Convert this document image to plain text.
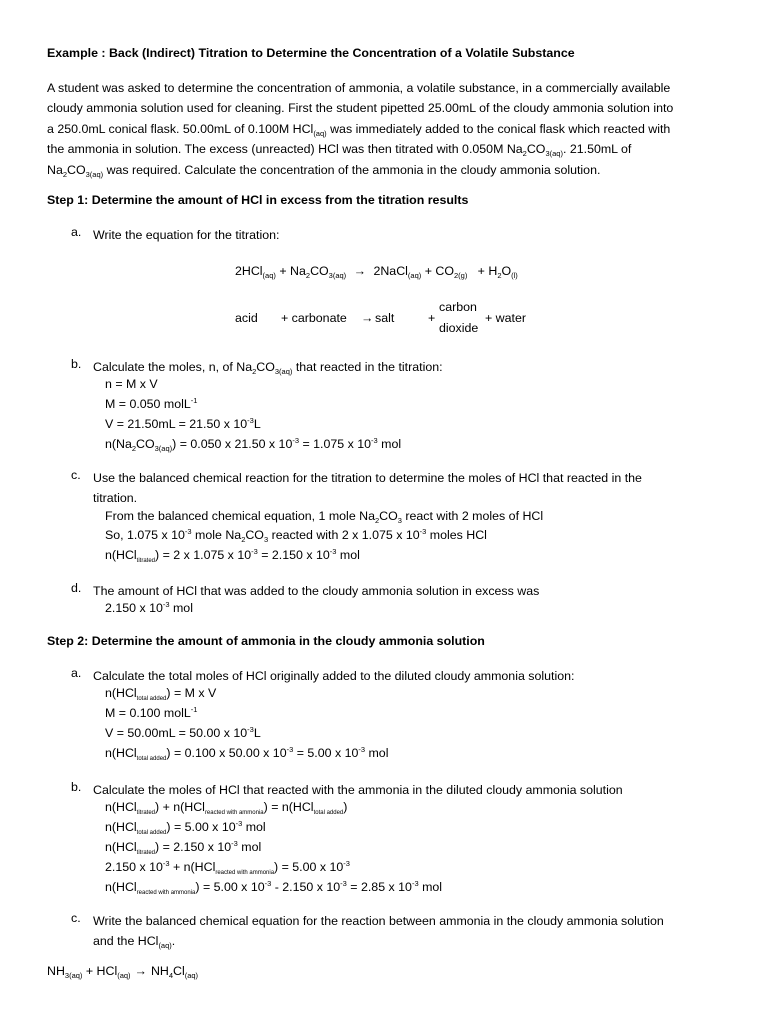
Example : Back (Indirect) Titration to Determine the Concentration of a Volatile Substance
A student was asked to determine the concentration of ammonia, a volatile substance, in a commercially available
cloudy ammonia solution used for cleaning. First the student pipetted 25.00mL of the cloudy ammonia solution into
a 250.0mL conical flask. 50.00mL of 0.100M HCl$_{(aq)}$ was immediately added to the conical flask which reacted with
the ammonia in solution. The excess (unreacted) HCl was then titrated with 0.050M $Na_2CO_{3(aq)}$. 21.50mL of
$Na_2CO_{3(aq)}$ was required. Calculate the concentration of the ammonia in the cloudy ammonia solution.
Step 1: Determine the amount of HCl in excess from the titration results
a. Write the equation for the titration:
$2HCl_{(aq)} + Na_2CO_{3(aq)}$ → 2NaCl$_{(aq)}$ + $CO_{2(g)} + H_2O_{(l)}$
acid + carbonate → salt	+
carbon
dioxide
+ water
b. Calculate the moles, n, of $Na_2CO_{3(aq)}$ that reacted in the titration:
n = M x V
M = 0.050 molL$^{-1}$
V = 21.50mL = 21.50 x $10^{-3}L$
$n(Na_2CO_{3(aq)}) = 0.050$ x 21.50 x $10^{-3} = 1.075$ x $10^{-3}$ mol
c. Use the balanced chemical reaction for the titration to determine the moles of HCl that reacted in the
titration.
From the balanced chemical equation, 1 mole $Na_2CO_3$ react with 2 moles of HCl
So, 1.075 x $10^{-3}$ mole $Na_2CO_3$ reacted with 2 x 1.075 x $10^{-3}$ moles HCl
n(HCl$_{titrated}$) = 2 x 1.075 x $10^{-3} = 2.150$ x $10^{-3}$ mol
d. The amount of HCl that was added to the cloudy ammonia solution in excess was
2.150 x $10^{-3}$ mol
Step 2: Determine the amount of ammonia in the cloudy ammonia solution
a. Calculate the total moles of HCl originally added to the diluted cloudy ammonia solution:
n(HCl$_{total added}$) = M x V
M = 0.100 molL$^{-1}$
V = 50.00mL = 50.00 x $10^{-3}L$
n(HCl$_{total added}$) = 0.100 x 50.00 x $10^{-3} = 5.00$ x $10^{-3}$ mol
b. Calculate the moles of HCl that reacted with the ammonia in the diluted cloudy ammonia solution
n(HCl$_{titrated}$) + n(HCl$_{reacted with ammonia}$) = n(HCl$_{total added}$)
n(HCl$_{total added}$) = 5.00 x $10^{-3}$ mol
n(HCl$_{titrated}$) = 2.150 x $10^{-3}$ mol
2.150 x $10^{-3} + n(HCl_{reacted with ammonia}) = 5.00$ x $10^{-3}$
n(HCl$_{reacted with ammonia}$) = 5.00 x $10^{-3} - 2.150$ x $10^{-3} = 2.85$ x $10^{-3}$ mol
c. Write the balanced chemical equation for the reaction between ammonia in the cloudy ammonia solution
and the HCl$_{(aq)}$.
$NH_{3(aq)} + HCl_{(aq)} \to NH_4Cl_{(aq)}$
